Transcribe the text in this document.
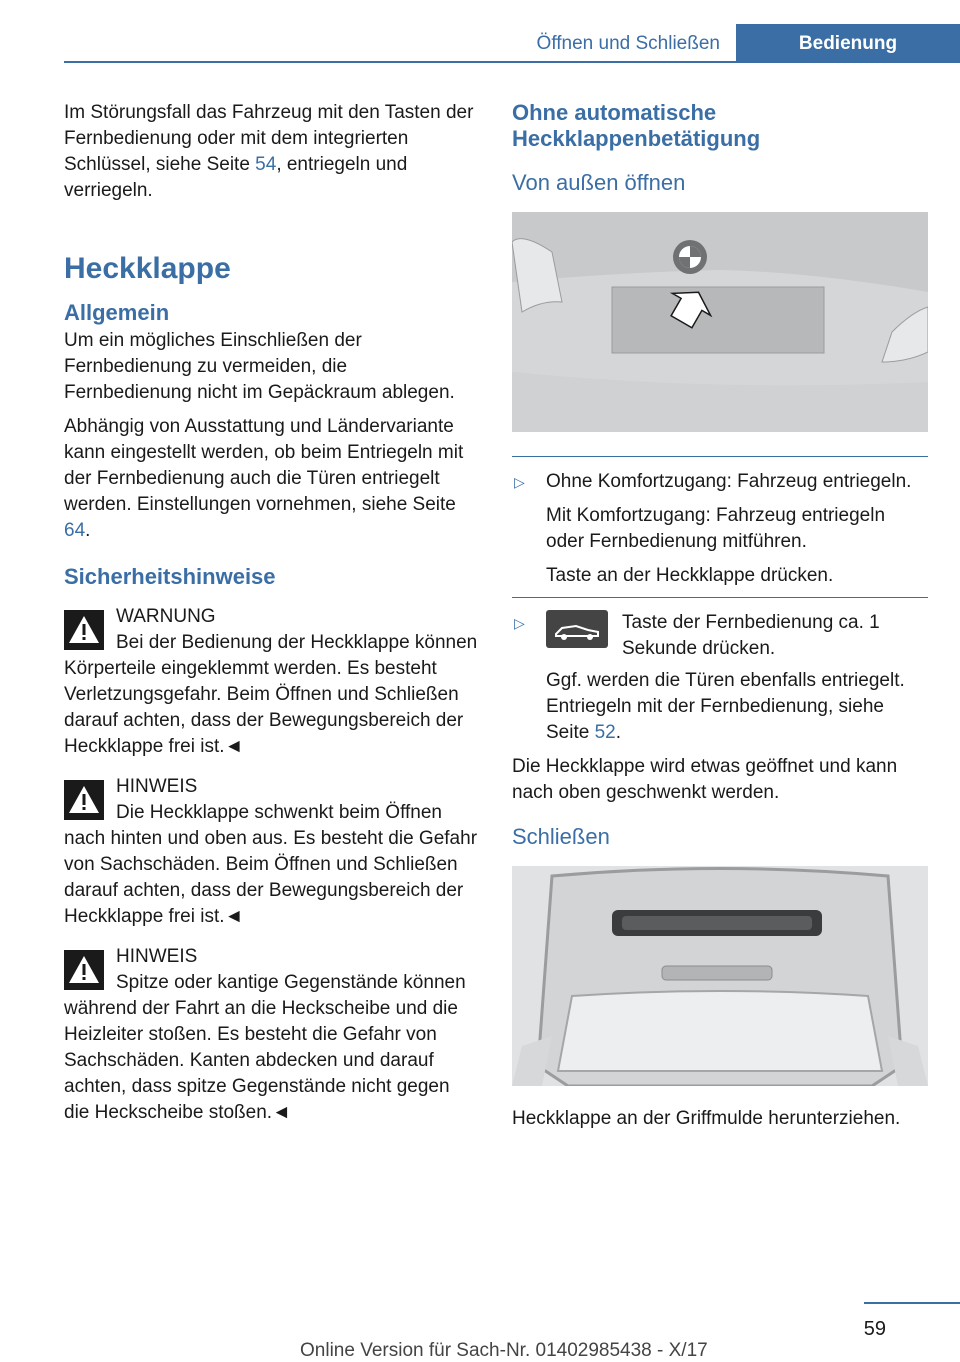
Öffnen und Schließen	Bedienung

Im Störungsfall das Fahrzeug mit den Tasten der Fernbedienung oder mit dem integrierten Schlüssel, siehe Seite 54, entriegeln und verriegeln.

Heckklappe
Allgemein

Um ein mögliches Einschließen der Fernbedienung zu vermeiden, die Fernbedienung nicht im Gepäckraum ablegen.

Abhängig von Ausstattung und Ländervariante kann eingestellt werden, ob beim Entriegeln mit der Fernbedienung auch die Türen entriegelt werden. Einstellungen vornehmen, siehe Seite 64.

Sicherheitshinweise
WARNUNG
Bei der Bedienung der Heckklappe können Körperteile eingeklemmt werden. Es besteht Verletzungsgefahr. Beim Öffnen und Schließen darauf achten, dass der Bewegungsbereich der Heckklappe frei ist.◄
HINWEIS
Die Heckklappe schwenkt beim Öffnen nach hinten und oben aus. Es besteht die Gefahr von Sachschäden. Beim Öffnen und Schließen darauf achten, dass der Bewegungsbereich der Heckklappe frei ist.◄
HINWEIS
Spitze oder kantige Gegenstände können während der Fahrt an die Heckscheibe und die Heizleiter stoßen. Es besteht die Gefahr von Sachschäden. Kanten abdecken und darauf achten, dass spitze Gegenstände nicht gegen die Heckscheibe stoßen.◄
Ohne automatische Heckklappenbetätigung
Von außen öffnen
▷ Ohne Komfortzugang: Fahrzeug entriegeln.

Mit Komfortzugang: Fahrzeug entriegeln oder Fernbedienung mitführen.

Taste an der Heckklappe drücken.

▷	Taste der Fernbedienung ca. 1 Sekunde drücken.

Ggf. werden die Türen ebenfalls entriegelt. Entriegeln mit der Fernbedienung, siehe Seite 52.

Die Heckklappe wird etwas geöffnet und kann nach oben geschwenkt werden.

Schließen

Heckklappe an der Griffmulde herunterziehen.

59
Online Version für Sach-Nr. 01402985438 - X/17
